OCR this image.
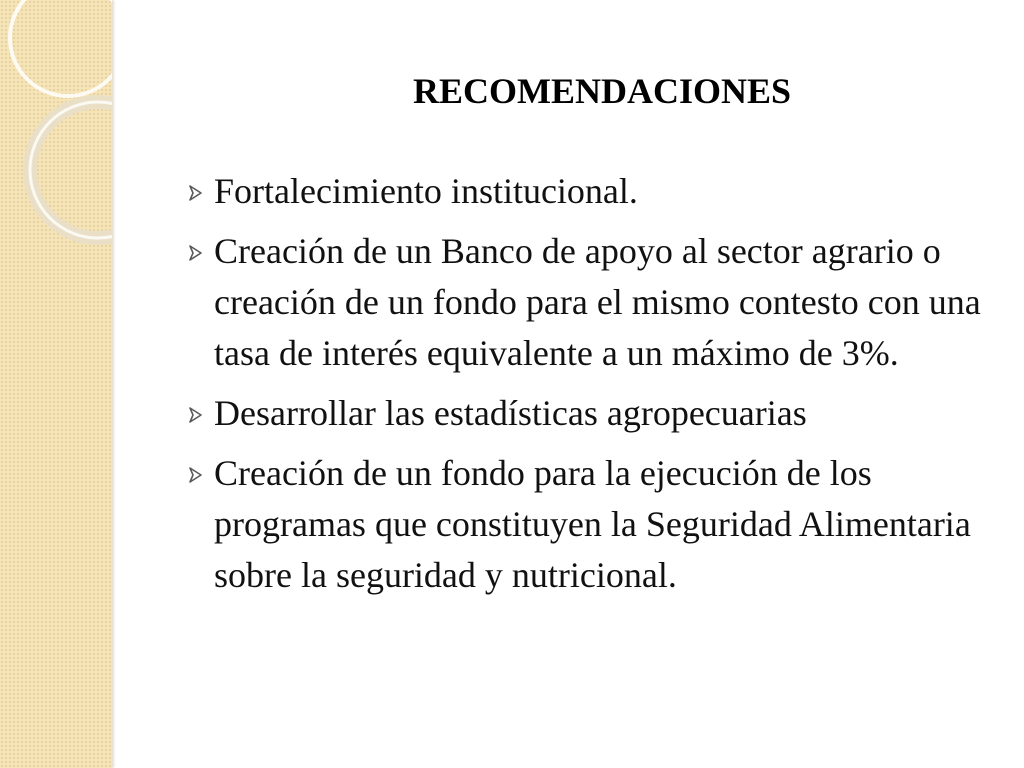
RECOMENDACIONES
Fortalecimiento institucional.
Creación de un Banco de apoyo al sector agrario o creación de un fondo para el mismo contesto con una tasa de interés equivalente a un máximo de 3%.
Desarrollar las estadísticas agropecuarias
Creación de un fondo para la ejecución de los programas que constituyen la Seguridad Alimentaria sobre la seguridad y nutricional.
